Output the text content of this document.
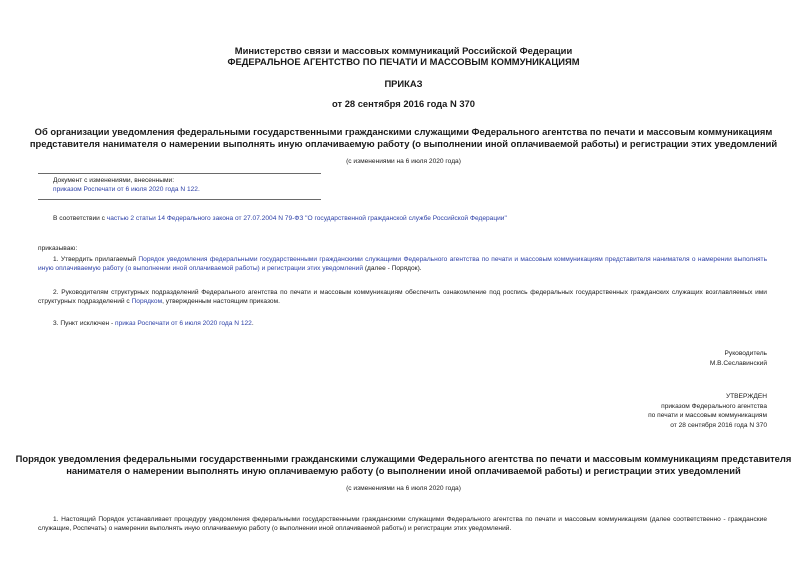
Министерство связи и массовых коммуникаций Российской Федерации
ФЕДЕРАЛЬНОЕ АГЕНТСТВО ПО ПЕЧАТИ И МАССОВЫМ КОММУНИКАЦИЯМ
ПРИКАЗ
от 28 сентября 2016 года N 370
Об организации уведомления федеральными государственными гражданскими служащими Федерального агентства по печати и массовым коммуникациям
представителя нанимателя о намерении выполнять иную оплачиваемую работу (о выполнении иной оплачиваемой работы) и регистрации этих уведомлений
(с изменениями на 6 июля 2020 года)
Документ с изменениями, внесенными:
приказом Роспечати от 6 июля 2020 года N 122.
В соответствии с частью 2 статьи 14 Федерального закона от 27.07.2004 N 79-ФЗ "О государственной гражданской службе Российской Федерации"
приказываю:
1. Утвердить прилагаемый Порядок уведомления федеральными государственными гражданскими служащими Федерального агентства по печати и массовым коммуникациям представителя нанимателя о намерении выполнять иную оплачиваемую работу (о выполнении иной оплачиваемой работы) и регистрации этих уведомлений (далее - Порядок).
2. Руководителям структурных подразделений Федерального агентства по печати и массовым коммуникациям обеспечить ознакомление под роспись федеральных государственных гражданских служащих возглавляемых ими структурных подразделений с Порядком, утвержденным настоящим приказом.
3. Пункт исключен - приказ Роспечати от 6 июля 2020 года N 122.
Руководитель
М.В.Сеславинский
УТВЕРЖДЕН
приказом Федерального агентства
по печати и массовым коммуникациям
от 28 сентября 2016 года N 370
Порядок уведомления федеральными государственными гражданскими служащими Федерального агентства по печати и массовым коммуникациям представителя
нанимателя о намерении выполнять иную оплачиваемую работу (о выполнении иной оплачиваемой работы) и регистрации этих уведомлений
(с изменениями на 6 июля 2020 года)
1. Настоящий Порядок устанавливает процедуру уведомления федеральными государственными гражданскими служащими Федерального агентства по печати и массовым коммуникациям (далее соответственно - гражданские служащие, Роспечать) о намерении выполнять иную оплачиваемую работу (о выполнении иной оплачиваемой работы) и регистрации этих уведомлений.
